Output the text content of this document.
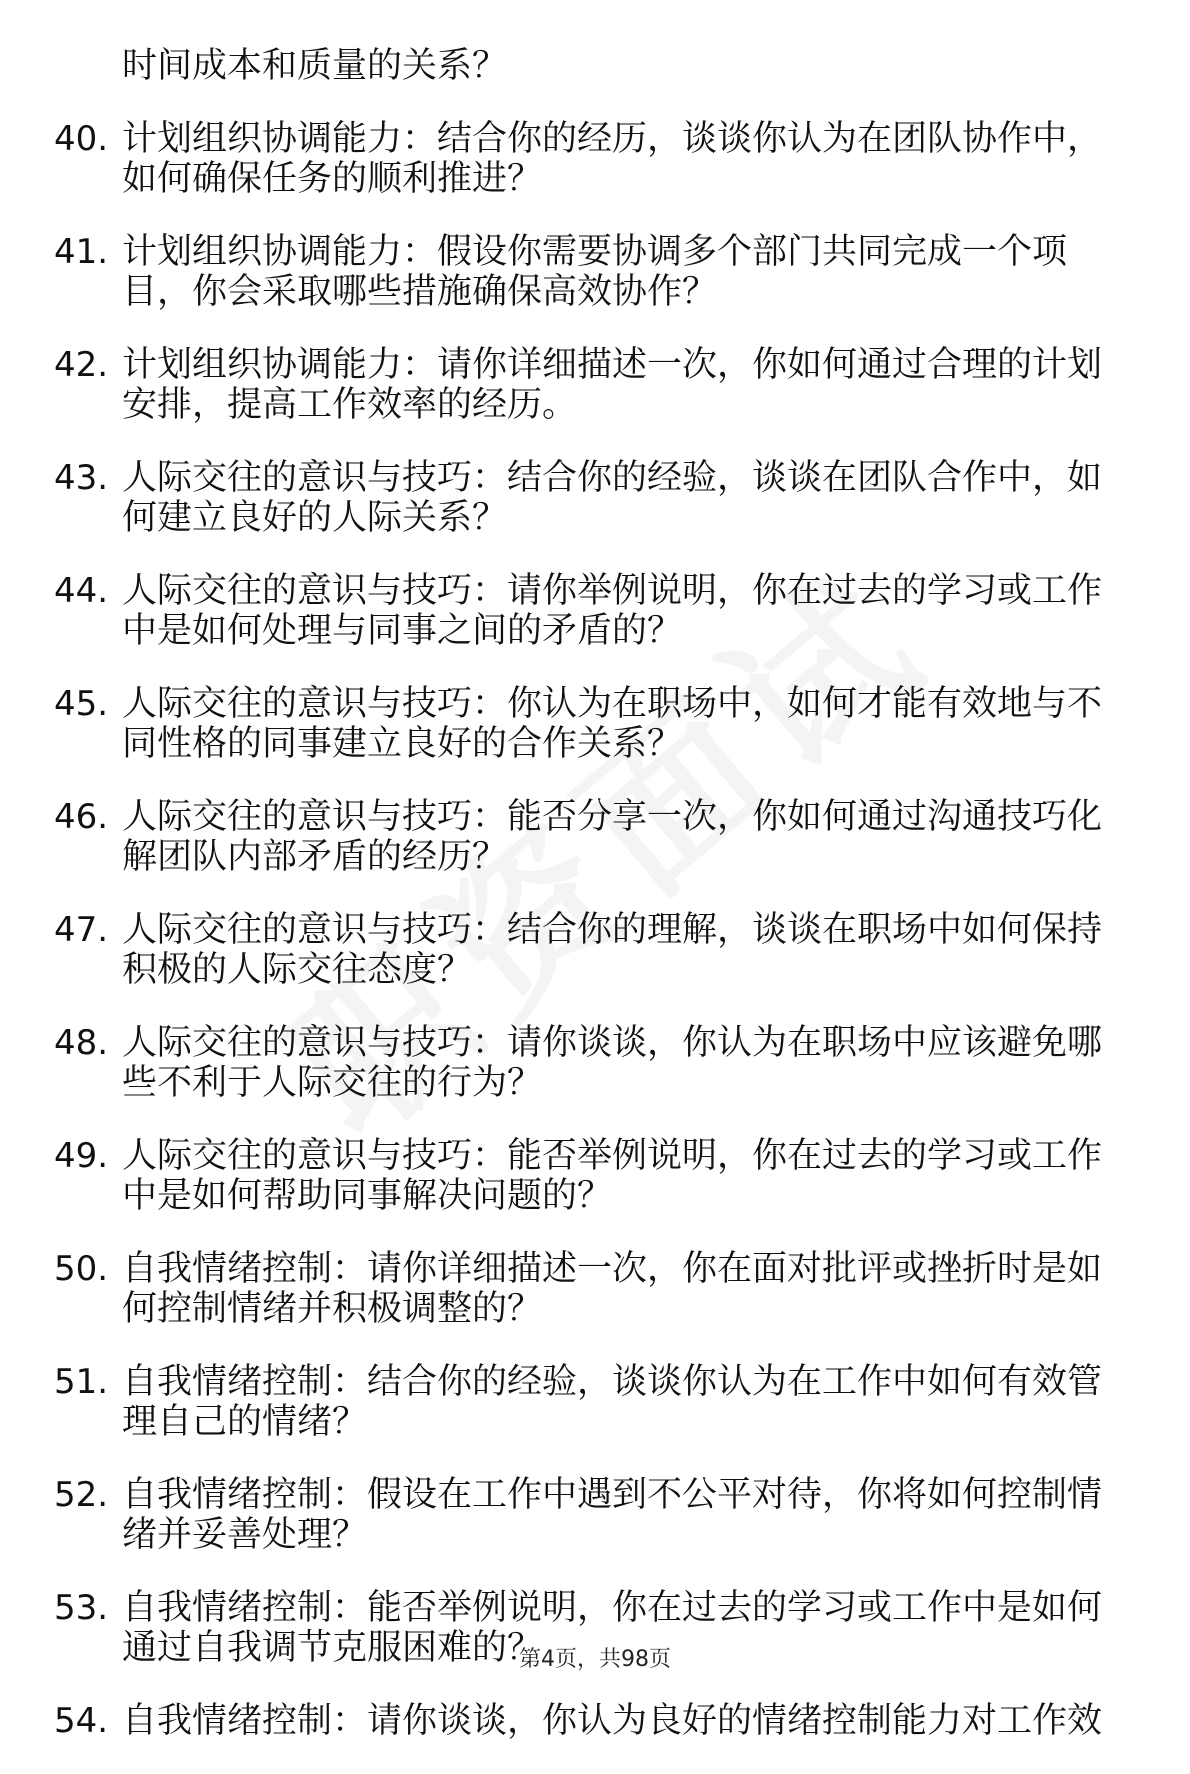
时间成本和质量的关系？
40. 计划组织协调能力：结合你的经历，谈谈你认为在团队协作中，如何确保任务的顺利推进？
41. 计划组织协调能力：假设你需要协调多个部门共同完成一个项目，你会采取哪些措施确保高效协作？
42. 计划组织协调能力：请你详细描述一次，你如何通过合理的计划安排，提高工作效率的经历。
43. 人际交往的意识与技巧：结合你的经验，谈谈在团队合作中，如何建立良好的人际关系？
44. 人际交往的意识与技巧：请你举例说明，你在过去的学习或工作中是如何处理与同事之间的矛盾的？
45. 人际交往的意识与技巧：你认为在职场中，如何才能有效地与不同性格的同事建立良好的合作关系？
46. 人际交往的意识与技巧：能否分享一次，你如何通过沟通技巧化解团队内部矛盾的经历？
47. 人际交往的意识与技巧：结合你的理解，谈谈在职场中如何保持积极的人际交往态度？
48. 人际交往的意识与技巧：请你谈谈，你认为在职场中应该避免哪些不利于人际交往的行为？
49. 人际交往的意识与技巧：能否举例说明，你在过去的学习或工作中是如何帮助同事解决问题的？
50. 自我情绪控制：请你详细描述一次，你在面对批评或挫折时是如何控制情绪并积极调整的？
51. 自我情绪控制：结合你的经验，谈谈你认为在工作中如何有效管理自己的情绪？
52. 自我情绪控制：假设在工作中遇到不公平对待，你将如何控制情绪并妥善处理？
53. 自我情绪控制：能否举例说明，你在过去的学习或工作中是如何通过自我调节克服困难的？
54. 自我情绪控制：请你谈谈，你认为良好的情绪控制能力对工作效
第4页，共98页
